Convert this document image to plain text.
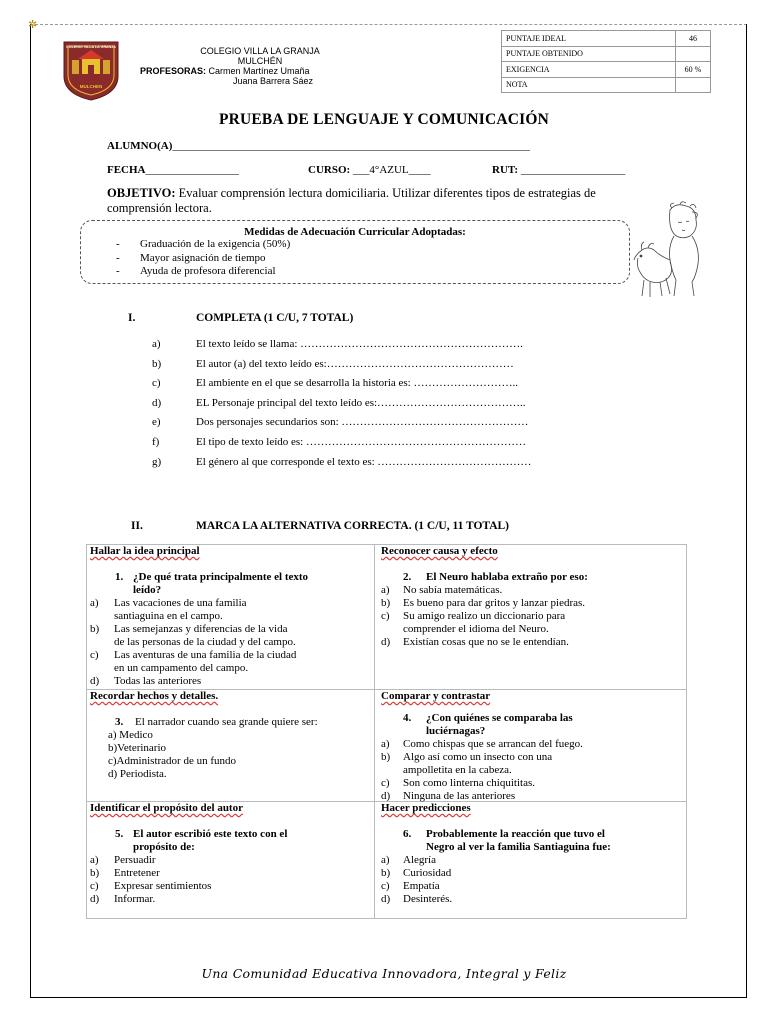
✲
COLEGIO VILLA LA GRANJA
MULCHEN
COLEGIO VILLA LA GRANJA
MULCHÉN
PROFESORAS: Carmen Martínez Umaña
Juana Barrera Sáez
PUNTAJE IDEAL	46
PUNTAJE OBTENIDO	
EXIGENCIA	60 %
NOTA	
PRUEBA DE LENGUAJE Y COMUNICACIÓN
ALUMNO(A)_________________________________________________________________
FECHA_________________	CURSO: ___4°AZUL____	RUT: ___________________
OBJETIVO: Evaluar comprensión lectura domiciliaria. Utilizar diferentes tipos de estrategias de comprensión lectora.
Medidas de Adecuación Curricular Adoptadas:
- Graduación de la exigencia (50%)
- Mayor asignación de tiempo
- Ayuda de profesora diferencial
I.	COMPLETA (1 C/U, 7 TOTAL)
a)	El texto leído se llama: …………………………………………………….
b)	El autor (a) del texto leído es:……………………………………………
c)	El ambiente en el que se desarrolla la historia es: ………………………..
d)	EL Personaje principal del texto leído es:…………………………………..
e)	Dos personajes secundarios son: ……………………………………………
f)	El tipo de texto leído es: ……………………………………………………
g)	El género al que corresponde el texto es: ……………………………………
II.	MARCA LA ALTERNATIVA CORRECTA. (1 C/U, 11 TOTAL)
Hallar la idea principal
1. ¿De qué trata principalmente el texto
leído?
a) Las vacaciones de una familia
santiaguina en el campo.
b) Las semejanzas y diferencias de la vida
de las personas de la ciudad y del campo.
c) Las aventuras de una familia de la ciudad
en un campamento del campo.
d) Todas las anteriores
Reconocer causa y efecto
2. El Neuro hablaba extraño por eso:
a) No sabía matemáticas.
b) Es bueno para dar gritos y lanzar piedras.
c) Su amigo realizo un diccionario para
comprender el idioma del Neuro.
d) Existían cosas que no se le entendían.
Recordar hechos y detalles.
3. El narrador cuando sea grande quiere ser:
a) Medico
b)Veterinario
c)Administrador de un fundo
d) Periodista.
Comparar y contrastar
4. ¿Con quiénes se comparaba las
luciérnagas?
a) Como chispas que se arrancan del fuego.
b) Algo así como un insecto con una
ampolletita en la cabeza.
c) Son como linterna chiquititas.
d) Ninguna de las anteriores
Identificar el propósito del autor
5. El autor escribió este texto con el
propósito de:
a) Persuadir
b) Entretener
c) Expresar sentimientos
d) Informar.
Hacer predicciones
6. Probablemente la reacción que tuvo el
Negro al ver la familia Santiaguina fue:
a) Alegría
b) Curiosidad
c) Empatía
d) Desinterés.
Una Comunidad Educativa Innovadora, Integral y Feliz
